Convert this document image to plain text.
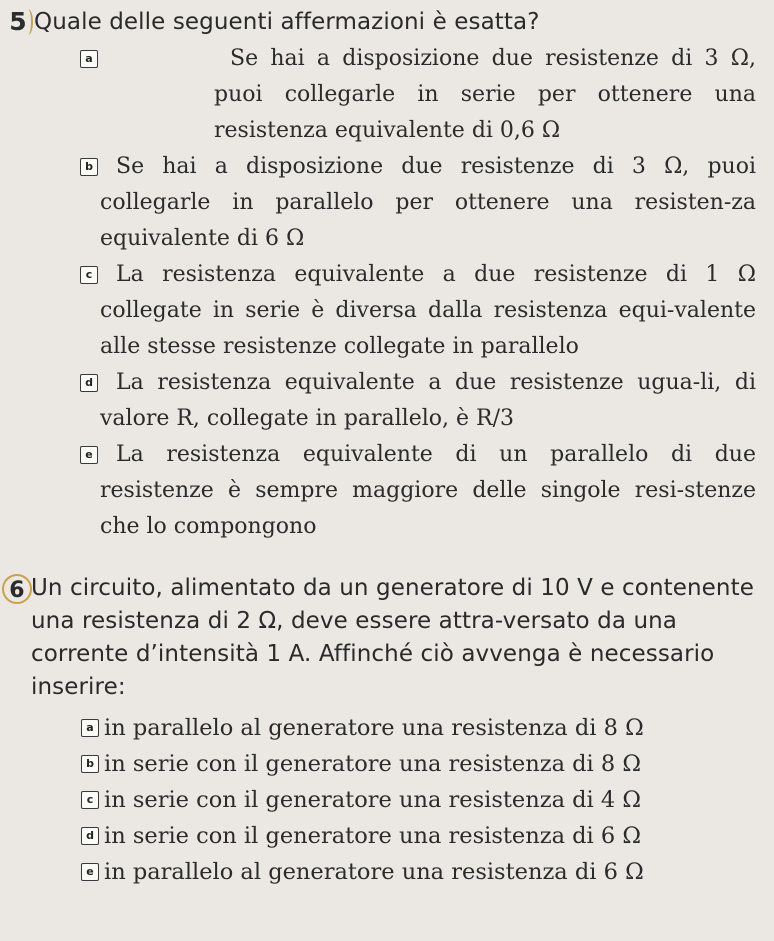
5 Quale delle seguenti affermazioni è esatta?
a	Se hai a disposizione due resistenze di 3 Ω, puoi collegarle in serie per ottenere una resistenza equivalente di 0,6 Ω
b	Se hai a disposizione due resistenze di 3 Ω, puoi collegarle in parallelo per ottenere una resisten-za equivalente di 6 Ω
c	La resistenza equivalente a due resistenze di 1 Ω collegate in serie è diversa dalla resistenza equi-valente alle stesse resistenze collegate in parallelo
d	La resistenza equivalente a due resistenze ugua-li, di valore R, collegate in parallelo, è R/3
e	La resistenza equivalente di un parallelo di due resistenze è sempre maggiore delle singole resi-stenze che lo compongono
6 Un circuito, alimentato da un generatore di 10 V e contenente una resistenza di 2 Ω, deve essere attra-versato da una corrente d’intensità 1 A. Affinché ciò avvenga è necessario inserire:
a in parallelo al generatore una resistenza di 8 Ω
b in serie con il generatore una resistenza di 8 Ω
c in serie con il generatore una resistenza di 4 Ω
d in serie con il generatore una resistenza di 6 Ω
e in parallelo al generatore una resistenza di 6 Ω
